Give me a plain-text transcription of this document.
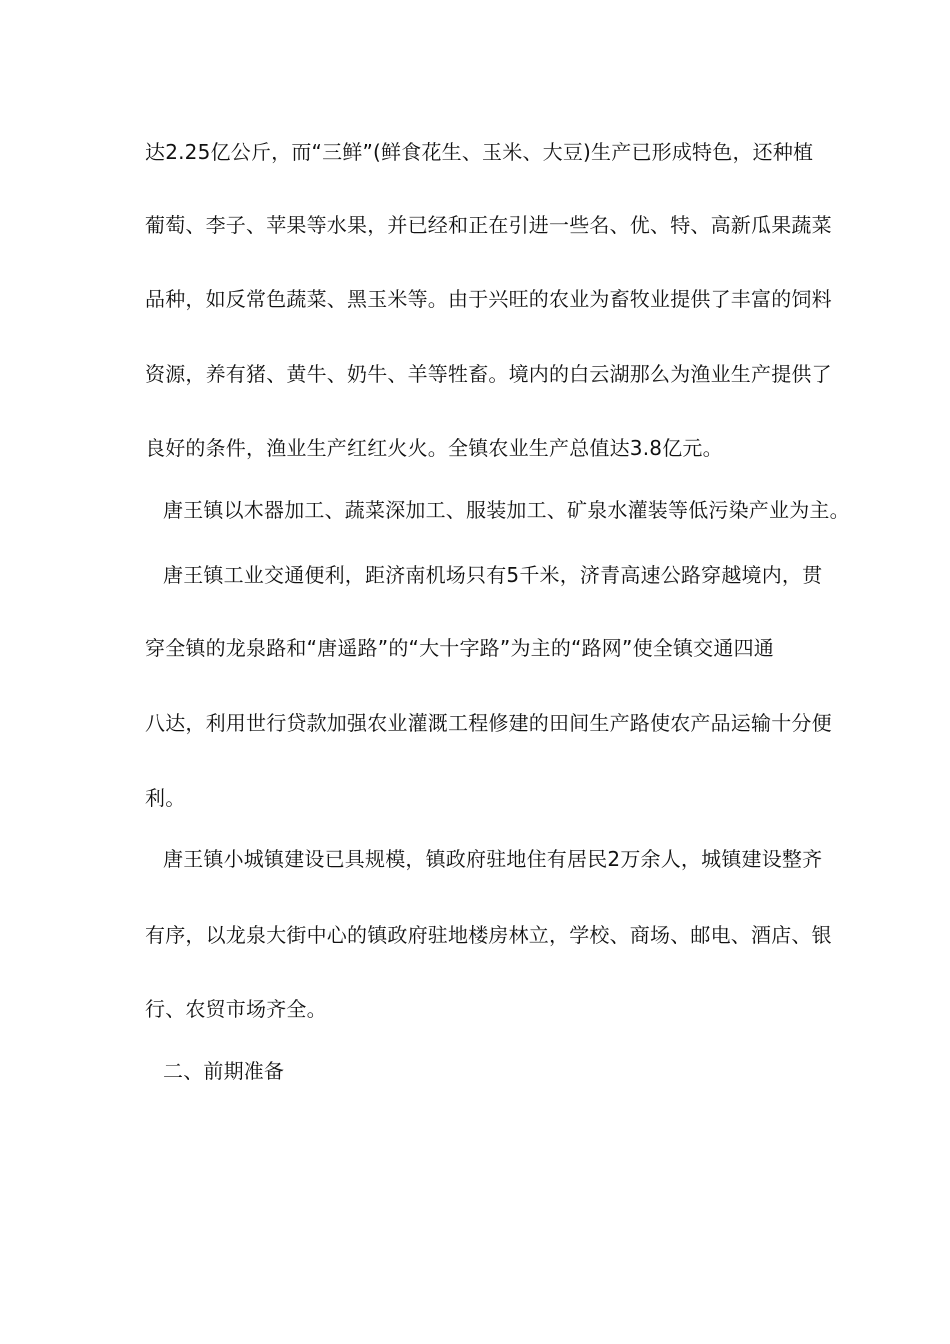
达2.25亿公斤，而“三鲜”(鲜食花生、玉米、大豆)生产已形成特色，还种植
葡萄、李子、苹果等水果，并已经和正在引进一些名、优、特、高新瓜果蔬菜
品种，如反常色蔬菜、黑玉米等。由于兴旺的农业为畜牧业提供了丰富的饲料
资源，养有猪、黄牛、奶牛、羊等牲畜。境内的白云湖那么为渔业生产提供了
良好的条件，渔业生产红红火火。全镇农业生产总值达3.8亿元。
唐王镇以木器加工、蔬菜深加工、服装加工、矿泉水灌装等低污染产业为主。
唐王镇工业交通便利，距济南机场只有5千米，济青高速公路穿越境内，贯
穿全镇的龙泉路和“唐遥路”的“大十字路”为主的“路网”使全镇交通四通
八达，利用世行贷款加强农业灌溉工程修建的田间生产路使农产品运输十分便
利。
唐王镇小城镇建设已具规模，镇政府驻地住有居民2万余人，城镇建设整齐
有序，以龙泉大街中心的镇政府驻地楼房林立，学校、商场、邮电、酒店、银
行、农贸市场齐全。
二、前期准备
